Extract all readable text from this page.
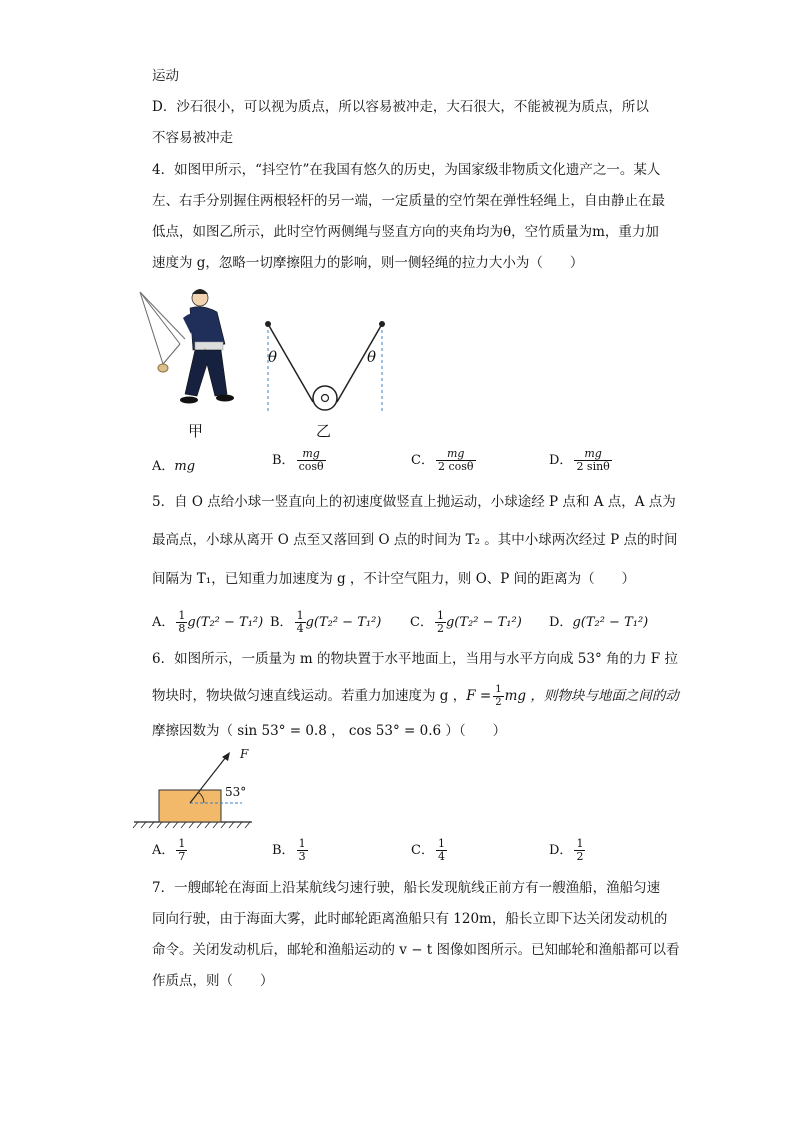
运动
D．沙石很小，可以视为质点，所以容易被冲走，大石很大，不能被视为质点，所以
不容易被冲走
4．如图甲所示，“抖空竹”在我国有悠久的历史，为国家级非物质文化遗产之一。某人
左、右手分别握住两根轻杆的另一端，一定质量的空竹架在弹性轻绳上，自由静止在最
低点，如图乙所示，此时空竹两侧绳与竖直方向的夹角均为θ，空竹质量为m，重力加
速度为 g，忽略一切摩擦阻力的影响，则一侧轻绳的拉力大小为（　　）
甲
θ	θ
乙
A．mg	B． $\frac{mg}{\cos\theta}$	C． $\frac{mg}{2 \cos\theta}$	D． $\frac{mg}{2 \sin\theta}$
5．自 O 点给小球一竖直向上的初速度做竖直上抛运动，小球途经 P 点和 A 点，A 点为
最高点，小球从离开 O 点至又落回到 O 点的时间为 T₂ 。其中小球两次经过 P 点的时间
间隔为 T₁，已知重力加速度为 g ，不计空气阻力，则 O、P 间的距离为（　　）
A． $\frac{1}{8} g(T_2^2 - T_1^2)$ B． $\frac{1}{4} g(T_2^2 - T_1^2)$ C． $\frac{1}{2} g(T_2^2 - T_1^2)$ D．g(T₂² − T₁²)
6．如图所示，一质量为 m 的物块置于水平地面上，当用与水平方向成 53° 角的力 F 拉
物块时，物块做匀速直线运动。若重力加速度为 g ，$F = \frac{1}{2}$ mg ，则物块与地面之间的动
摩擦因数为（ sin 53° = 0.8 ， cos 53° = 0.6 ）（　　）
F
53°
A． $\frac{1}{7}$	B． $\frac{1}{3}$	C． $\frac{1}{4}$	D． $\frac{1}{2}$
7．一艘邮轮在海面上沿某航线匀速行驶，船长发现航线正前方有一艘渔船，渔船匀速
同向行驶，由于海面大雾，此时邮轮距离渔船只有 120m，船长立即下达关闭发动机的
命令。关闭发动机后，邮轮和渔船运动的 v − t 图像如图所示。已知邮轮和渔船都可以看
作质点，则（　　）
